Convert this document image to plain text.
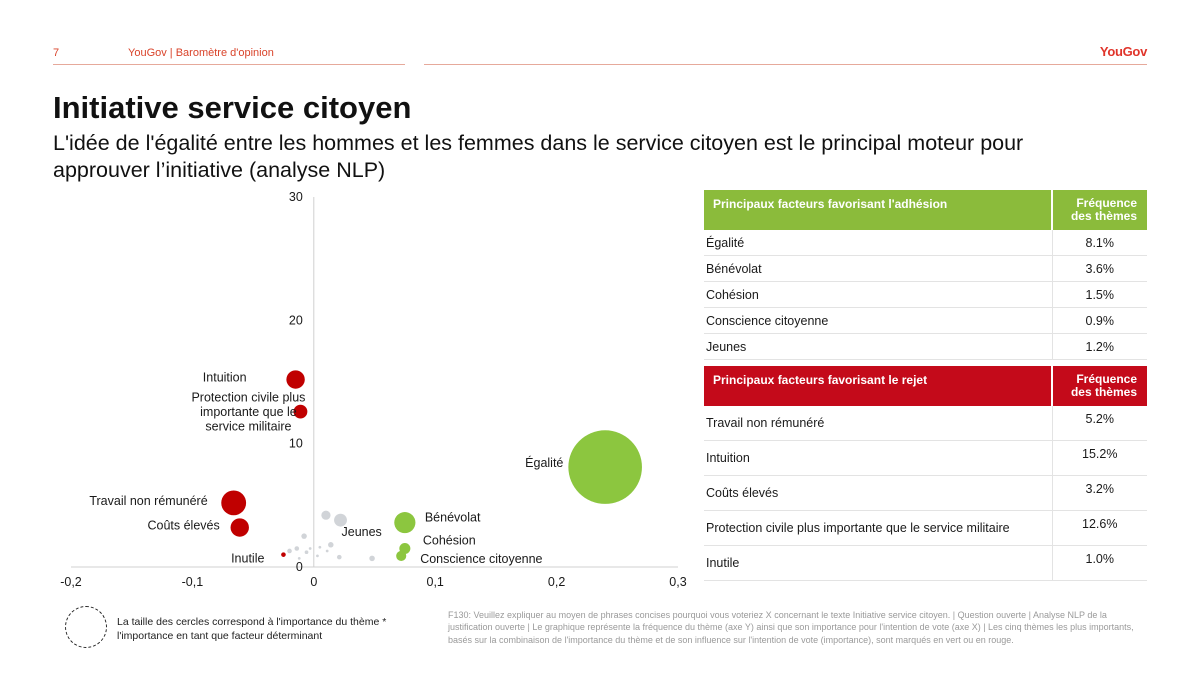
7	YouGov | Baromètre d'opinion	YouGov
Initiative service citoyen

L'idée de l'égalité entre les hommes et les femmes dans le service citoyen est le principal moteur pour approuver l’initiative (analyse NLP)

-0,2	-0,1	0	0,1	0,2	0,3
0
10
20
30
Jeunes
Intuition
Protection civile plus importante que le service militaire
Travail non rémunéré
Coûts élevés
Inutile
Égalité
Bénévolat
Cohésion
Conscience citoyenne
Principaux facteurs favorisant l'adhésion	Fréquence des thèmes
Égalité	8.1%
Bénévolat	3.6%
Cohésion	1.5%
Conscience citoyenne	0.9%
Jeunes	1.2%
Principaux facteurs favorisant le rejet	Fréquence des thèmes
Travail non rémunéré	5.2%
Intuition	15.2%
Coûts élevés	3.2%
Protection civile plus importante que le service militaire	12.6%
Inutile	1.0%
La taille des cercles correspond à l'importance du thème * l'importance en tant que facteur déterminant
F130: Veuillez expliquer au moyen de phrases concises pourquoi vous voteriez X concernant le texte Initiative service citoyen. | Question ouverte | Analyse NLP de la justification ouverte | Le graphique représente la fréquence du thème (axe Y) ainsi que son importance pour l'intention de vote (axe X) | Les cinq thèmes les plus importants, basés sur la combinaison de l'importance du thème et de son influence sur l'intention de vote (importance), sont marqués en vert ou en rouge.
